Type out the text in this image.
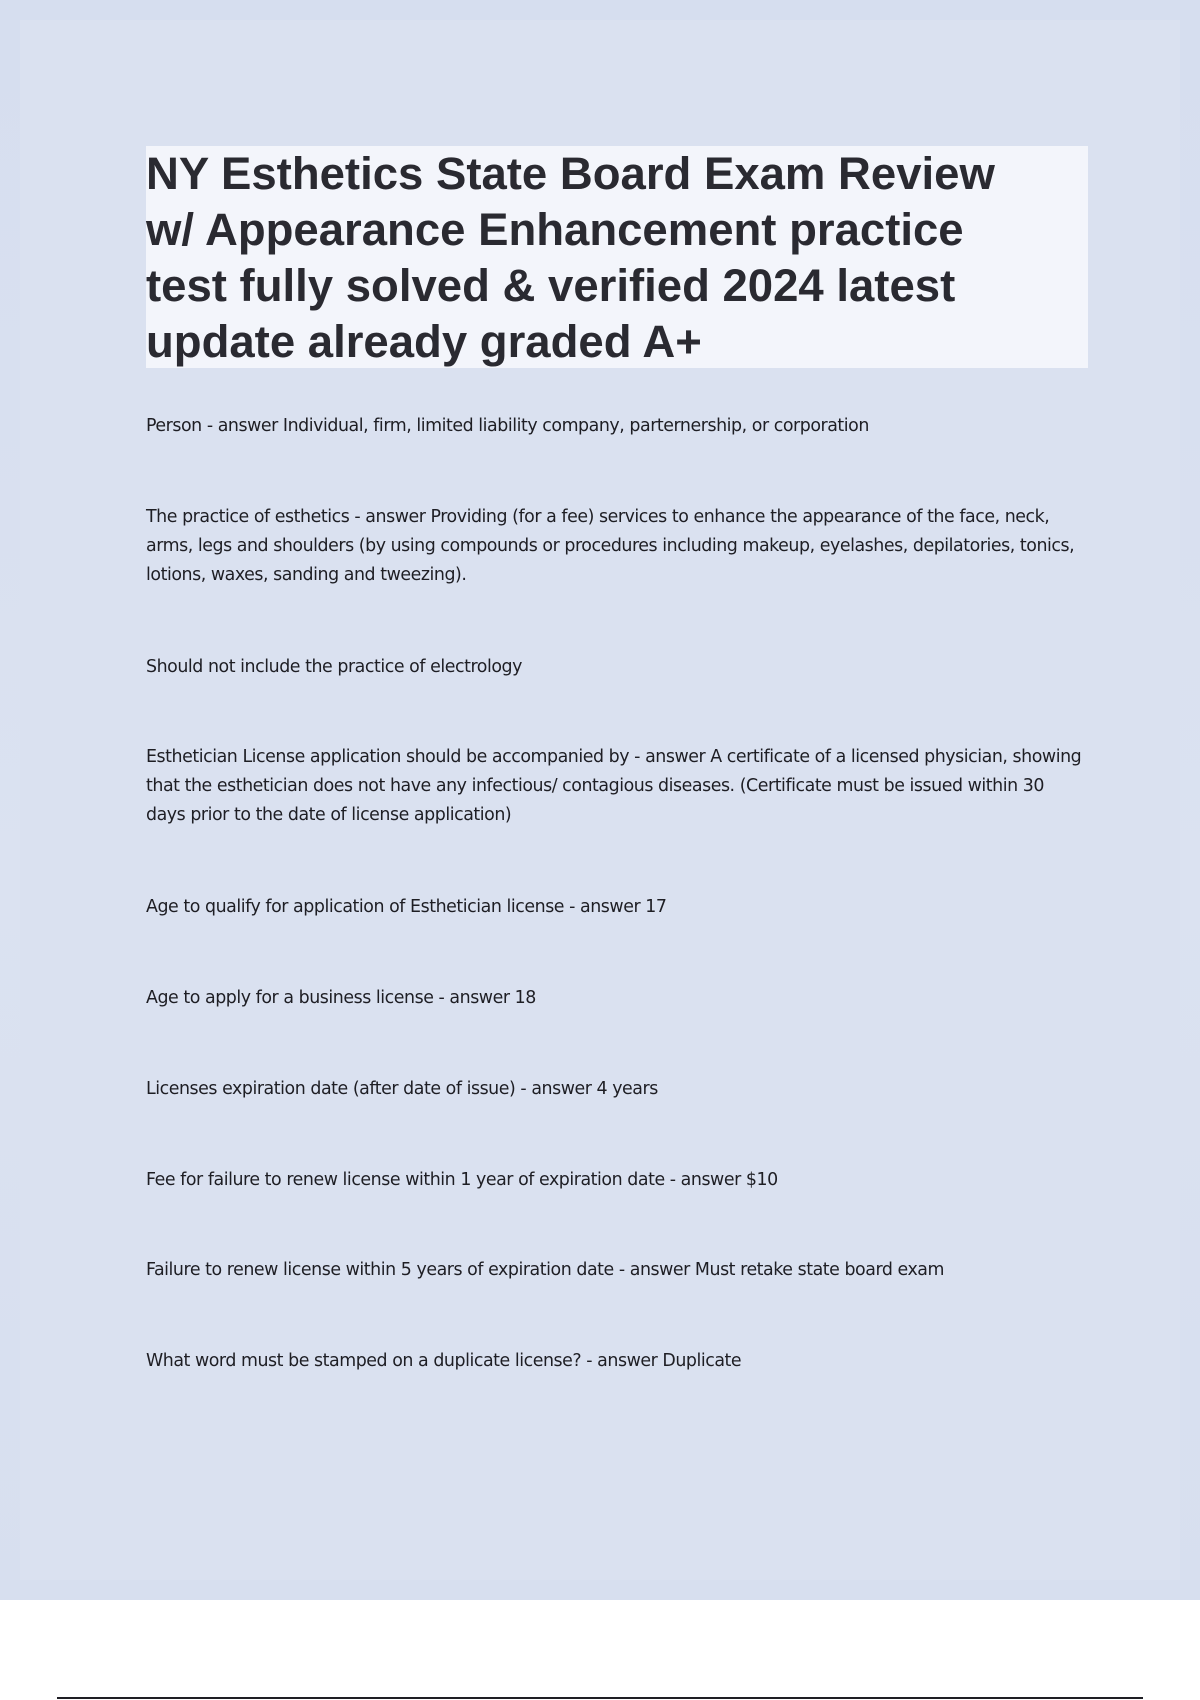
NY Esthetics State Board Exam Review
w/ Appearance Enhancement practice
test fully solved & verified 2024 latest
update already graded A+
Person - answer Individual, firm, limited liability company, parternership, or corporation
The practice of esthetics - answer Providing (for a fee) services to enhance the appearance of the face, neck, arms, legs and shoulders (by using compounds or procedures including makeup, eyelashes, depilatories, tonics, lotions, waxes, sanding and tweezing).
Should not include the practice of electrology
Esthetician License application should be accompanied by - answer A certificate of a licensed physician, showing that the esthetician does not have any infectious/ contagious diseases. (Certificate must be issued within 30 days prior to the date of license application)
Age to qualify for application of Esthetician license - answer 17
Age to apply for a business license - answer 18
Licenses expiration date (after date of issue) - answer 4 years
Fee for failure to renew license within 1 year of expiration date - answer $10
Failure to renew license within 5 years of expiration date - answer Must retake state board exam
What word must be stamped on a duplicate license? - answer Duplicate
